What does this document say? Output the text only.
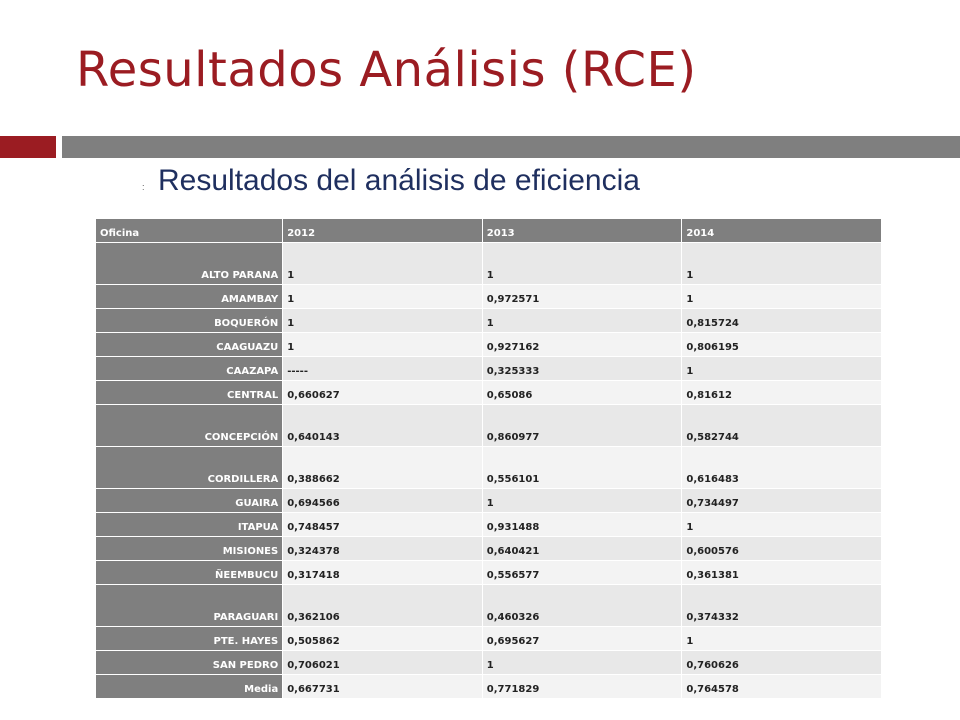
Resultados Análisis (RCE)
: Resultados del análisis de eficiencia
Oficina	2012	2013	2014
ALTO PARANA	1	1	1
AMAMBAY	1	0,972571	1
BOQUERÓN	1	1	0,815724
CAAGUAZU	1	0,927162	0,806195
CAAZAPA	-----	0,325333	1
CENTRAL	0,660627	0,65086	0,81612
CONCEPCIÓN	0,640143	0,860977	0,582744
CORDILLERA	0,388662	0,556101	0,616483
GUAIRA	0,694566	1	0,734497
ITAPUA	0,748457	0,931488	1
MISIONES	0,324378	0,640421	0,600576
ÑEEMBUCU	0,317418	0,556577	0,361381
PARAGUARI	0,362106	0,460326	0,374332
PTE. HAYES	0,505862	0,695627	1
SAN PEDRO	0,706021	1	0,760626
Media	0,667731	0,771829	0,764578
